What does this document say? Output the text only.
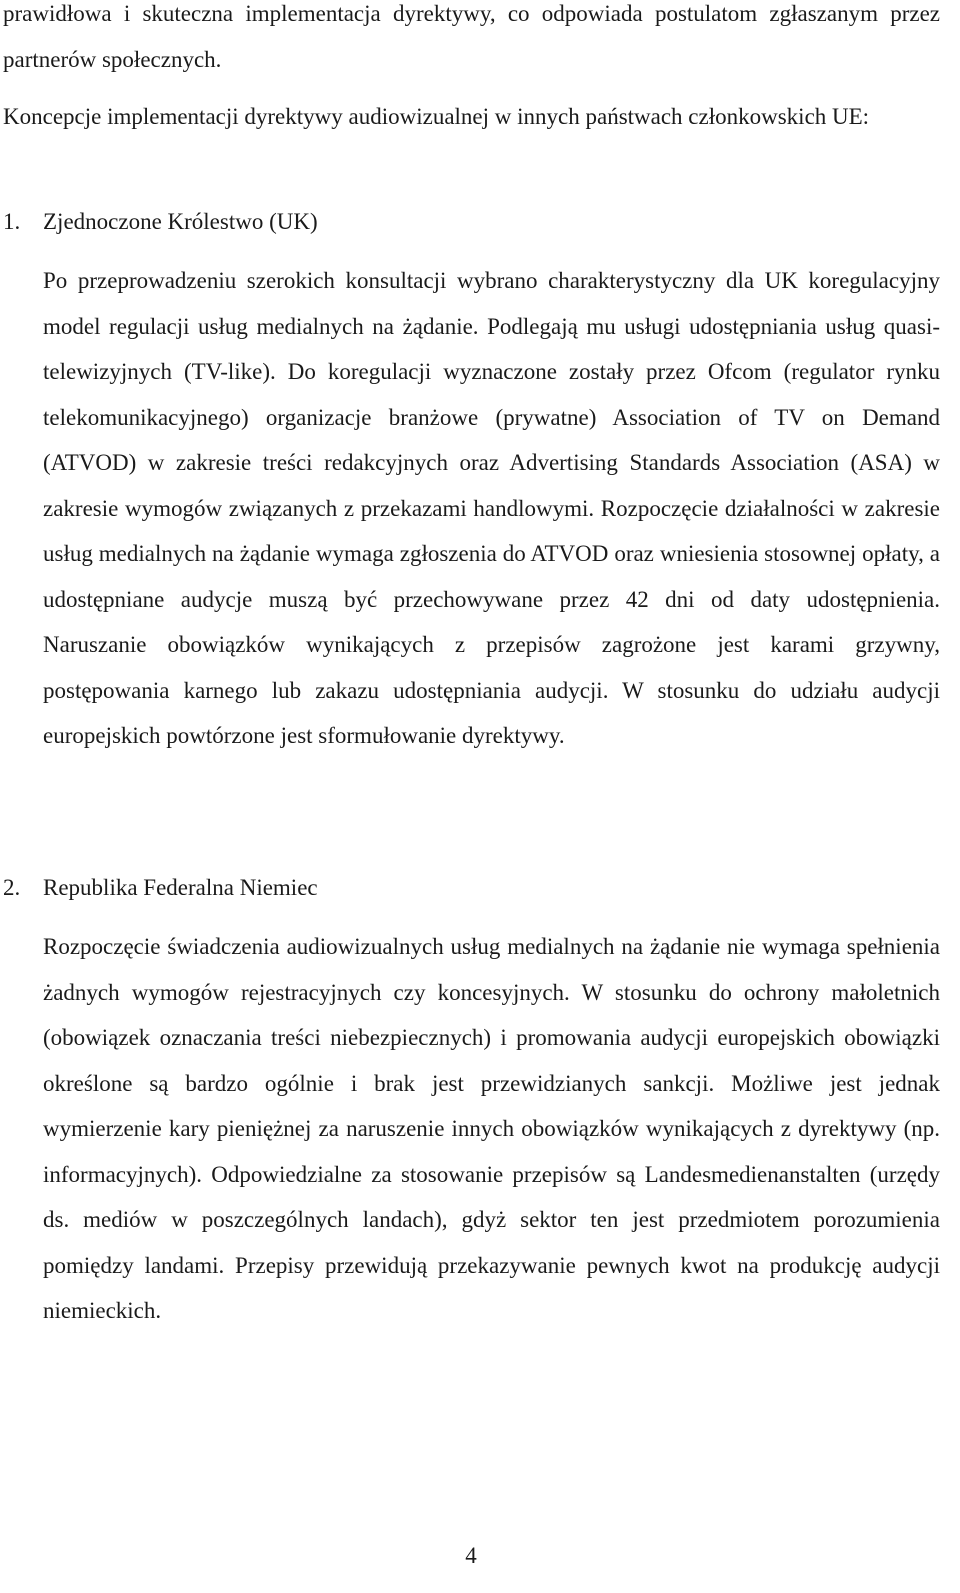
prawidłowa i skuteczna implementacja dyrektywy, co odpowiada postulatom zgłaszanym przez partnerów społecznych.

Koncepcje implementacji dyrektywy audiowizualnej w innych państwach członkowskich UE:

1. Zjednoczone Królestwo (UK)

Po przeprowadzeniu szerokich konsultacji wybrano charakterystyczny dla UK koregulacyjny model regulacji usług medialnych na żądanie. Podlegają mu usługi udostępniania usług quasi-telewizyjnych (TV-like). Do koregulacji wyznaczone zostały przez Ofcom (regulator rynku telekomunikacyjnego) organizacje branżowe (prywatne) Association of TV on Demand (ATVOD) w zakresie treści redakcyjnych oraz Advertising Standards Association (ASA) w zakresie wymogów związanych z przekazami handlowymi. Rozpoczęcie działalności w zakresie usług medialnych na żądanie wymaga zgłoszenia do ATVOD oraz wniesienia stosownej opłaty, a udostępniane audycje muszą być przechowywane przez 42 dni od daty udostępnienia. Naruszanie obowiązków wynikających z przepisów zagrożone jest karami grzywny, postępowania karnego lub zakazu udostępniania audycji. W stosunku do udziału audycji europejskich powtórzone jest sformułowanie dyrektywy.

2. Republika Federalna Niemiec

Rozpoczęcie świadczenia audiowizualnych usług medialnych na żądanie nie wymaga spełnienia żadnych wymogów rejestracyjnych czy koncesyjnych. W stosunku do ochrony małoletnich (obowiązek oznaczania treści niebezpiecznych) i promowania audycji europejskich obowiązki określone są bardzo ogólnie i brak jest przewidzianych sankcji. Możliwe jest jednak wymierzenie kary pieniężnej za naruszenie innych obowiązków wynikających z dyrektywy (np. informacyjnych). Odpowiedzialne za stosowanie przepisów są Landesmedienanstalten (urzędy ds. mediów w poszczególnych landach), gdyż sektor ten jest przedmiotem porozumienia pomiędzy landami. Przepisy przewidują przekazywanie pewnych kwot na produkcję audycji niemieckich.

4
